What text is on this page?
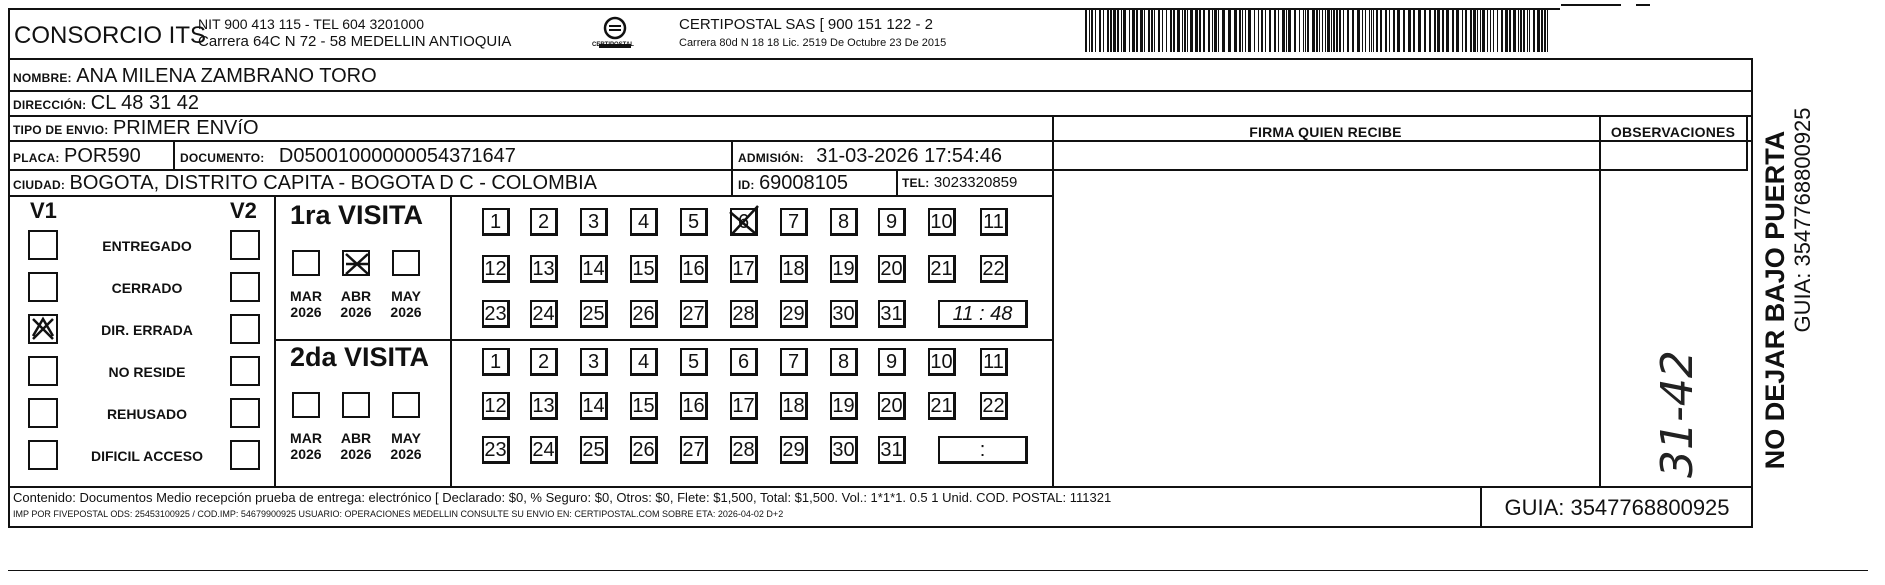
CONSORCIO ITS
NIT 900 413 115 - TEL 604 3201000
Carrera 64C N 72 - 58 MEDELLIN ANTIOQUIA	CERTIPOSTAL
CERTIPOSTAL SAS [ 900 151 122 - 2
Carrera 80d N 18 18 Lic. 2519 De Octubre 23 De 2015
NOMBRE: ANA MILENA ZAMBRANO TORO
DIRECCIÓN: CL 48 31 42
TIPO DE ENVIO: PRIMER ENVíO
PLACA: POR590	DOCUMENTO: D05001000000054371647	ADMISIÓN: 31-03-2026 17:54:46
CIUDAD: BOGOTA, DISTRITO CAPITA - BOGOTA D C - COLOMBIA	ID: 69008105	TEL: 3023320859
FIRMA QUIEN RECIBE	OBSERVACIONES
V1	V2
ENTREGADO
CERRADO
DIR. ERRADA
NO RESIDE
REHUSADO
DIFICIL ACCESO
1ra VISITA
MAR
2026
ABR
2026
MAY
2026
1	2	3	4	5	6	7	8	9	10 11
12 13 14 15 16 17 18 19 20 21 22
23 24 25 26 27 28 29 30 31	11 : 48
2da VISITA
MAR
2026
ABR
2026
MAY
2026
1	2	3	4	5	6	7	8	9	10 11
12 13 14 15 16 17 18 19 20 21 22
23 24 25 26 27 28 29 30 31	:	31-42 NO DEJAR BAJO PUERTA GUIA: 3547768800925
Contenido: Documentos Medio recepción prueba de entrega: electrónico [ Declarado: $0, % Seguro: $0, Otros: $0, Flete: $1,500, Total: $1,500. Vol.: 1*1*1. 0.5 1 Unid. COD. POSTAL: 111321
IMP POR FIVEPOSTAL ODS: 25453100925 / COD.IMP: 54679900925 USUARIO: OPERACIONES MEDELLIN CONSULTE SU ENVIO EN: CERTIPOSTAL.COM SOBRE ETA: 2026-04-02 D+2	GUIA: 3547768800925
